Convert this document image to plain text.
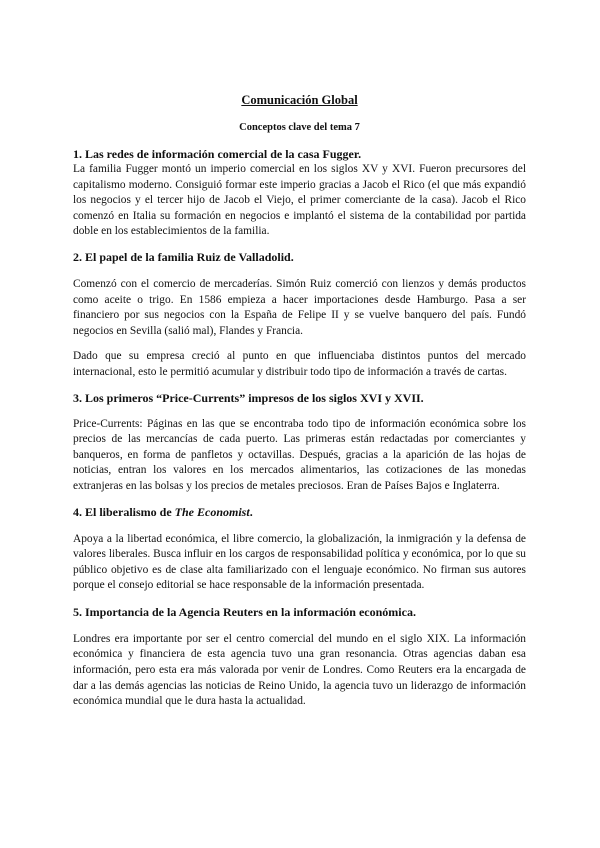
Comunicación Global

Conceptos clave del tema 7

1. Las redes de información comercial de la casa Fugger.

La familia Fugger montó un imperio comercial en los siglos XV y XVI. Fueron precursores del capitalismo moderno. Consiguió formar este imperio gracias a Jacob el Rico (el que más expandió los negocios y el tercer hijo de Jacob el Viejo, el primer comerciante de la casa). Jacob el Rico comenzó en Italia su formación en negocios e implantó el sistema de la contabilidad por partida doble en los establecimientos de la familia.

2. El papel de la familia Ruiz de Valladolid.

Comenzó con el comercio de mercaderías. Simón Ruiz comerció con lienzos y demás productos como aceite o trigo. En 1586 empieza a hacer importaciones desde Hamburgo. Pasa a ser financiero por sus negocios con la España de Felipe II y se vuelve banquero del país. Fundó negocios en Sevilla (salió mal), Flandes y Francia.

Dado que su empresa creció al punto en que influenciaba distintos puntos del mercado internacional, esto le permitió acumular y distribuir todo tipo de información a través de cartas.

3. Los primeros “Price-Currents” impresos de los siglos XVI y XVII.

Price-Currents: Páginas en las que se encontraba todo tipo de información económica sobre los precios de las mercancías de cada puerto. Las primeras están redactadas por comerciantes y banqueros, en forma de panfletos y octavillas. Después, gracias a la aparición de las hojas de noticias, entran los valores en los mercados alimentarios, las cotizaciones de las monedas extranjeras en las bolsas y los precios de metales preciosos. Eran de Países Bajos e Inglaterra.

4. El liberalismo de The Economist.

Apoya a la libertad económica, el libre comercio, la globalización, la inmigración y la defensa de valores liberales. Busca influir en los cargos de responsabilidad política y económica, por lo que su público objetivo es de clase alta familiarizado con el lenguaje económico. No firman sus autores porque el consejo editorial se hace responsable de la información presentada.

5. Importancia de la Agencia Reuters en la información económica.

Londres era importante por ser el centro comercial del mundo en el siglo XIX. La información económica y financiera de esta agencia tuvo una gran resonancia. Otras agencias daban esa información, pero esta era más valorada por venir de Londres. Como Reuters era la encargada de dar a las demás agencias las noticias de Reino Unido, la agencia tuvo un liderazgo de información económica mundial que le dura hasta la actualidad.
